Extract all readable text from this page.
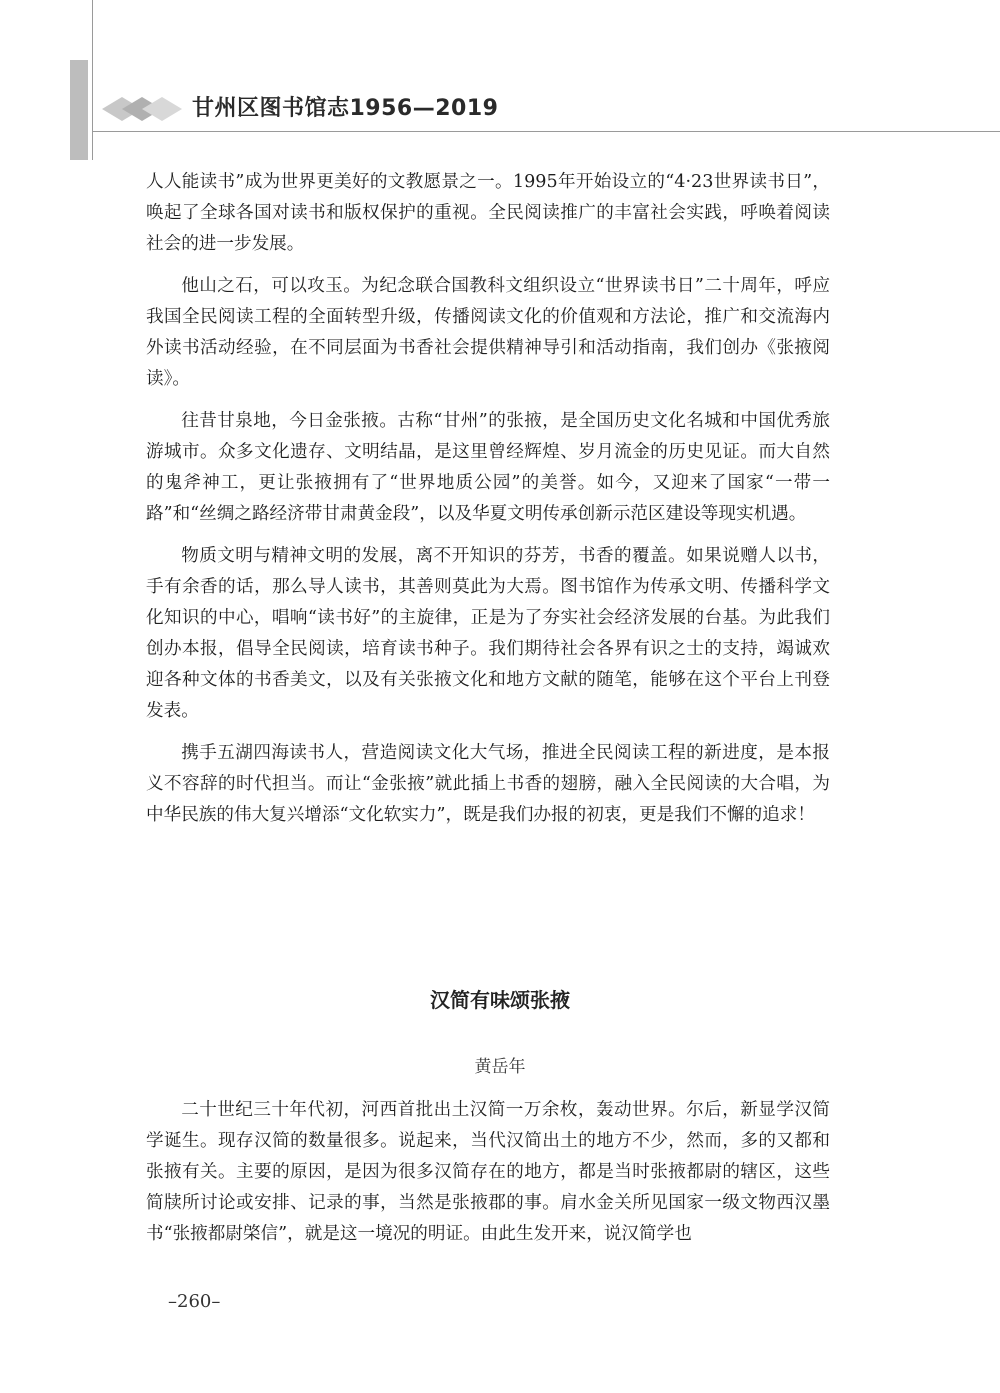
甘州区图书馆志1956—2019

人人能读书”成为世界更美好的文教愿景之一。1995年开始设立的“4·23世界读书日”，唤起了全球各国对读书和版权保护的重视。全民阅读推广的丰富社会实践，呼唤着阅读社会的进一步发展。

他山之石，可以攻玉。为纪念联合国教科文组织设立“世界读书日”二十周年，呼应我国全民阅读工程的全面转型升级，传播阅读文化的价值观和方法论，推广和交流海内外读书活动经验，在不同层面为书香社会提供精神导引和活动指南，我们创办《张掖阅读》。

往昔甘泉地，今日金张掖。古称“甘州”的张掖，是全国历史文化名城和中国优秀旅游城市。众多文化遗存、文明结晶，是这里曾经辉煌、岁月流金的历史见证。而大自然的鬼斧神工，更让张掖拥有了“世界地质公园”的美誉。如今，又迎来了国家“一带一路”和“丝绸之路经济带甘肃黄金段”，以及华夏文明传承创新示范区建设等现实机遇。

物质文明与精神文明的发展，离不开知识的芬芳，书香的覆盖。如果说赠人以书，手有余香的话，那么导人读书，其善则莫此为大焉。图书馆作为传承文明、传播科学文化知识的中心，唱响“读书好”的主旋律，正是为了夯实社会经济发展的台基。为此我们创办本报，倡导全民阅读，培育读书种子。我们期待社会各界有识之士的支持，竭诚欢迎各种文体的书香美文，以及有关张掖文化和地方文献的随笔，能够在这个平台上刊登发表。

携手五湖四海读书人，营造阅读文化大气场，推进全民阅读工程的新进度，是本报义不容辞的时代担当。而让“金张掖”就此插上书香的翅膀，融入全民阅读的大合唱，为中华民族的伟大复兴增添“文化软实力”，既是我们办报的初衷，更是我们不懈的追求！

汉简有味颂张掖
黄岳年

二十世纪三十年代初，河西首批出土汉简一万余枚，轰动世界。尔后，新显学汉简学诞生。现存汉简的数量很多。说起来，当代汉简出土的地方不少，然而，多的又都和张掖有关。主要的原因，是因为很多汉简存在的地方，都是当时张掖都尉的辖区，这些简牍所讨论或安排、记录的事，当然是张掖郡的事。肩水金关所见国家一级文物西汉墨书“张掖都尉棨信”，就是这一境况的明证。由此生发开来，说汉简学也

–260–
